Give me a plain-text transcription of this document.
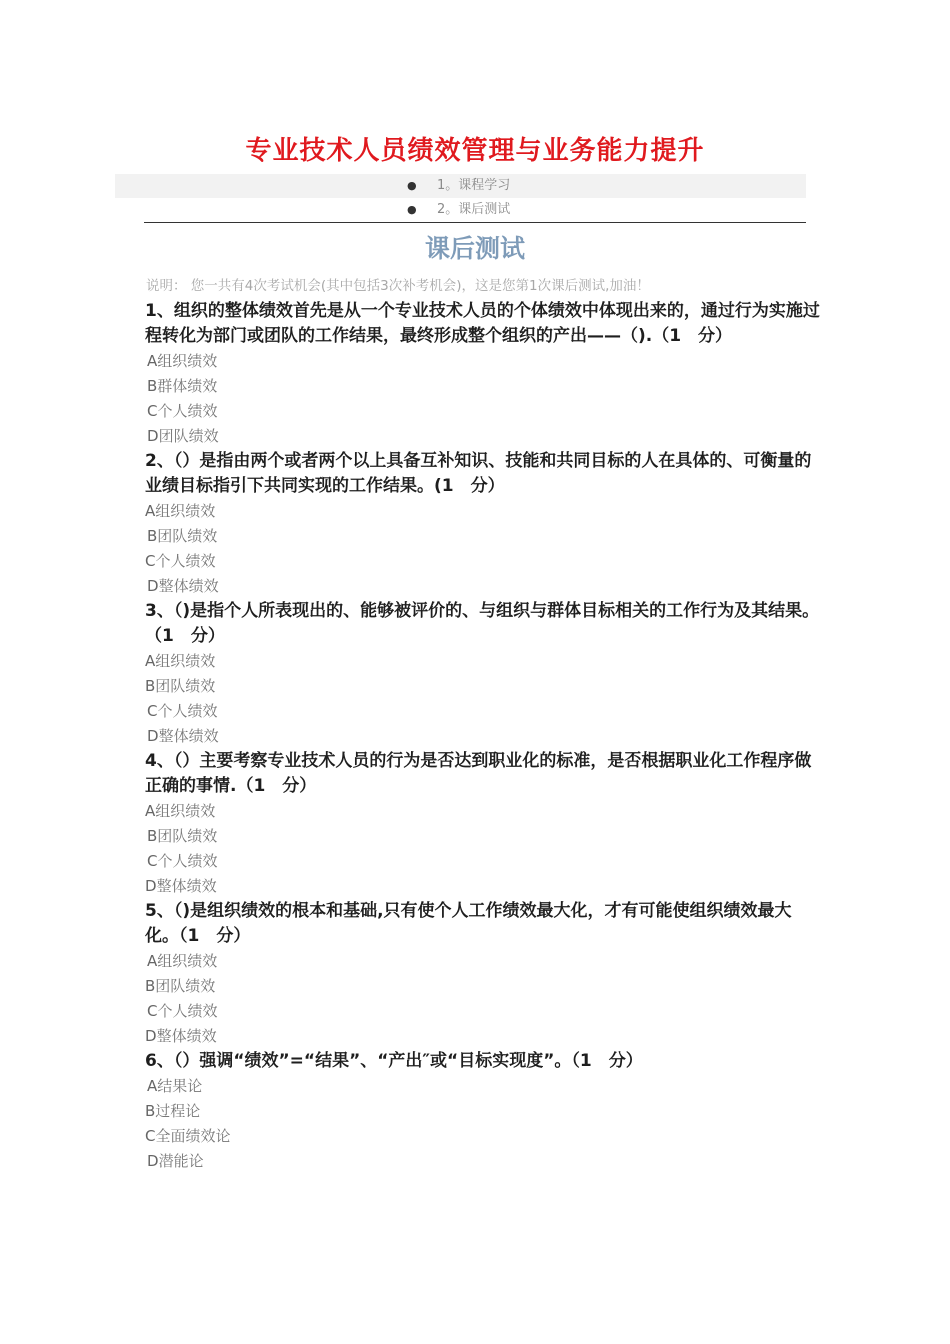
专业技术人员绩效管理与业务能力提升
● 1。课程学习
● 2。课后测试
课后测试
说明： 您一共有4次考试机会(其中包括3次补考机会)，这是您第1次课后测试,加油！

1、组织的整体绩效首先是从一个专业技术人员的个体绩效中体现出来的，通过行为实施过程转化为部门或团队的工作结果，最终形成整个组织的产出——（).（1　分）

A组织绩效
B群体绩效
C个人绩效
D团队绩效

2、（）是指由两个或者两个以上具备互补知识、技能和共同目标的人在具体的、可衡量的业绩目标指引下共同实现的工作结果。(1　分）

A组织绩效
B团队绩效
C个人绩效
D整体绩效

3、（)是指个人所表现出的、能够被评价的、与组织与群体目标相关的工作行为及其结果。（1　分）

A组织绩效
B团队绩效
C个人绩效
D整体绩效

4、（）主要考察专业技术人员的行为是否达到职业化的标准，是否根据职业化工作程序做正确的事情.（1　分）

A组织绩效
B团队绩效
C个人绩效
D整体绩效

5、（)是组织绩效的根本和基础,只有使个人工作绩效最大化，才有可能使组织绩效最大化。（1　分）

A组织绩效
B团队绩效
C个人绩效
D整体绩效

6、（）强调“绩效”=“结果”、“产出″或“目标实现度”。（1　分）

A结果论
B过程论
C全面绩效论
D潜能论
